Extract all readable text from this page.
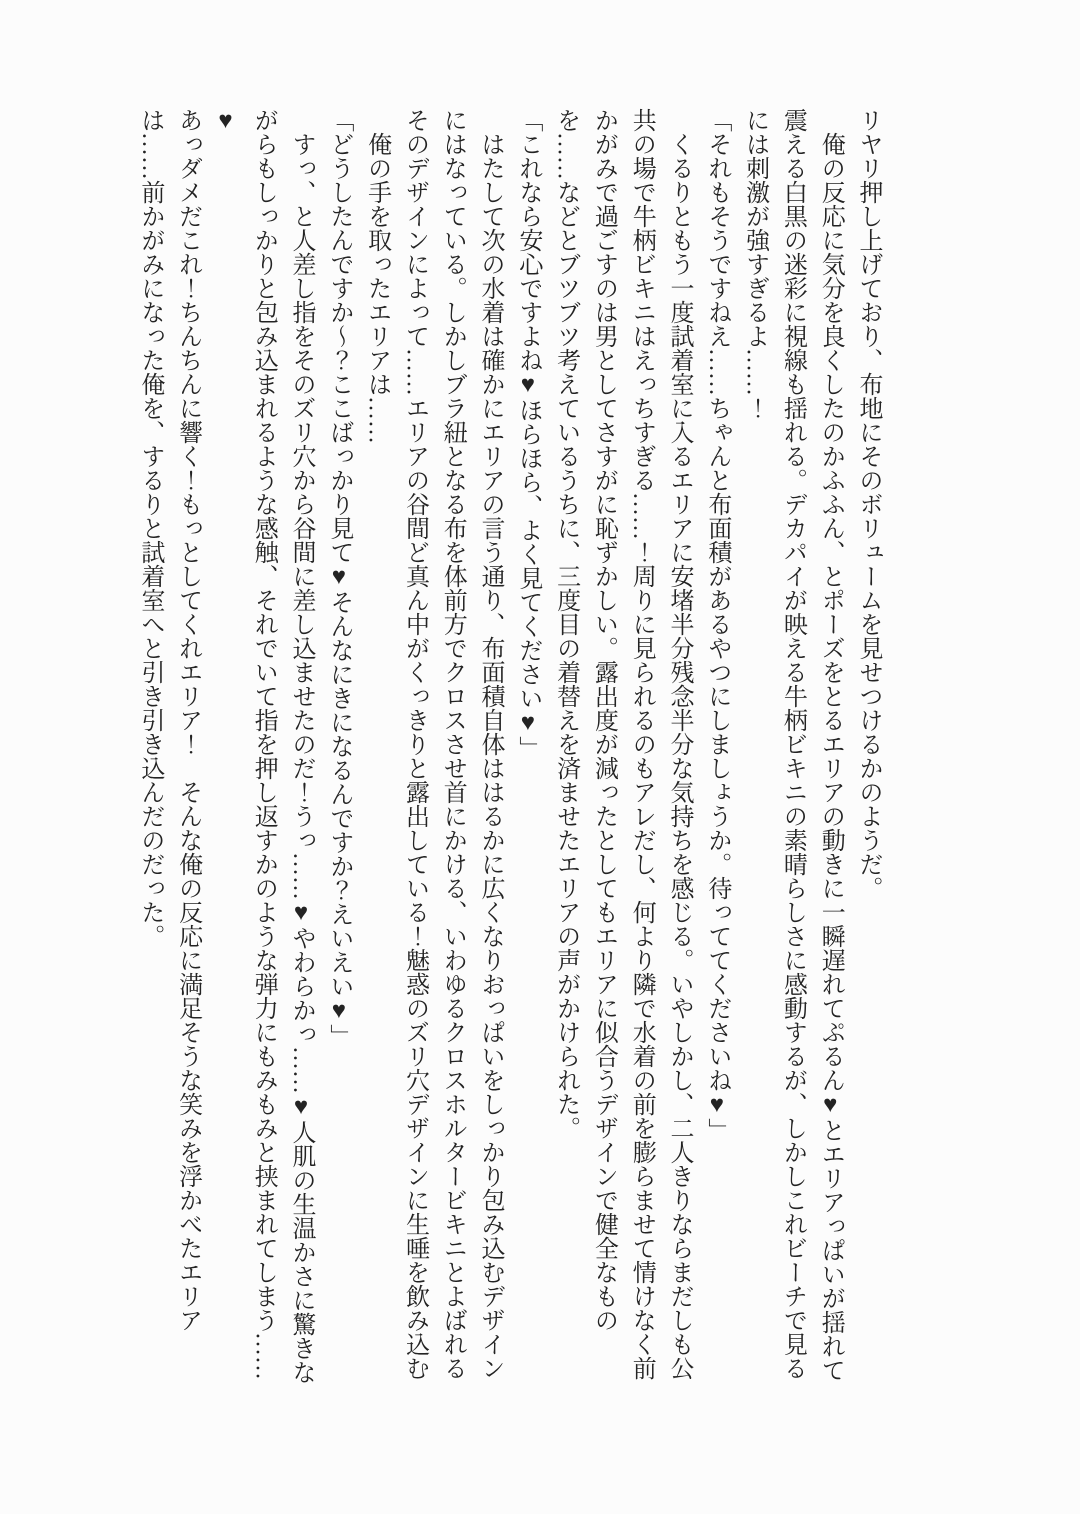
リヤリ押し上げており、布地にそのボリュームを見せつけるかのようだ。

　俺の反応に気分を良くしたのかふふん、とポーズをとるエリアの動きに一瞬遅れてぷるん♥とエリアっぱいが揺れて震える白黒の迷彩に視線も揺れる。デカパイが映える牛柄ビキニの素晴らしさに感動するが、しかしこれビーチで見るには刺激が強すぎるよ……！

「それもそうですねえ……ちゃんと布面積があるやつにしましょうか。待っててくださいね♥」

　くるりともう一度試着室に入るエリアに安堵半分残念半分な気持ちを感じる。いやしかし、二人きりならまだしも公共の場で牛柄ビキニはえっちすぎる……！周りに見られるのもアレだし、何より隣で水着の前を膨らませて情けなく前かがみで過ごすのは男としてさすがに恥ずかしい。露出度が減ったとしてもエリアに似合うデザインで健全なものを……などとブツブツ考えているうちに、三度目の着替えを済ませたエリアの声がかけられた。

「これなら安心ですよね♥ほらほら、よく見てください♥」

　はたして次の水着は確かにエリアの言う通り、布面積自体ははるかに広くなりおっぱいをしっかり包み込むデザインにはなっている。しかしブラ紐となる布を体前方でクロスさせ首にかける、いわゆるクロスホルタービキニとよばれるそのデザインによって……エリアの谷間ど真ん中がくっきりと露出している！魅惑のズリ穴デザインに生唾を飲み込む

　俺の手を取ったエリアは……

「どうしたんですか～？ここばっかり見て♥そんなにきになるんですか？えいえい♥」

　すっ、と人差し指をそのズリ穴から谷間に差し込ませたのだ！うっ……♥やわらかっ……♥人肌の生温かさに驚きながらもしっかりと包み込まれるような感触、それでいて指を押し返すかのような弾力にもみもみと挟まれてしまう……♥

あっダメだこれ！ちんちんに響く！もっとしてくれエリア！　そんな俺の反応に満足そうな笑みを浮かべたエリアは……前かがみになった俺を、するりと試着室へと引き引き込んだのだった。
